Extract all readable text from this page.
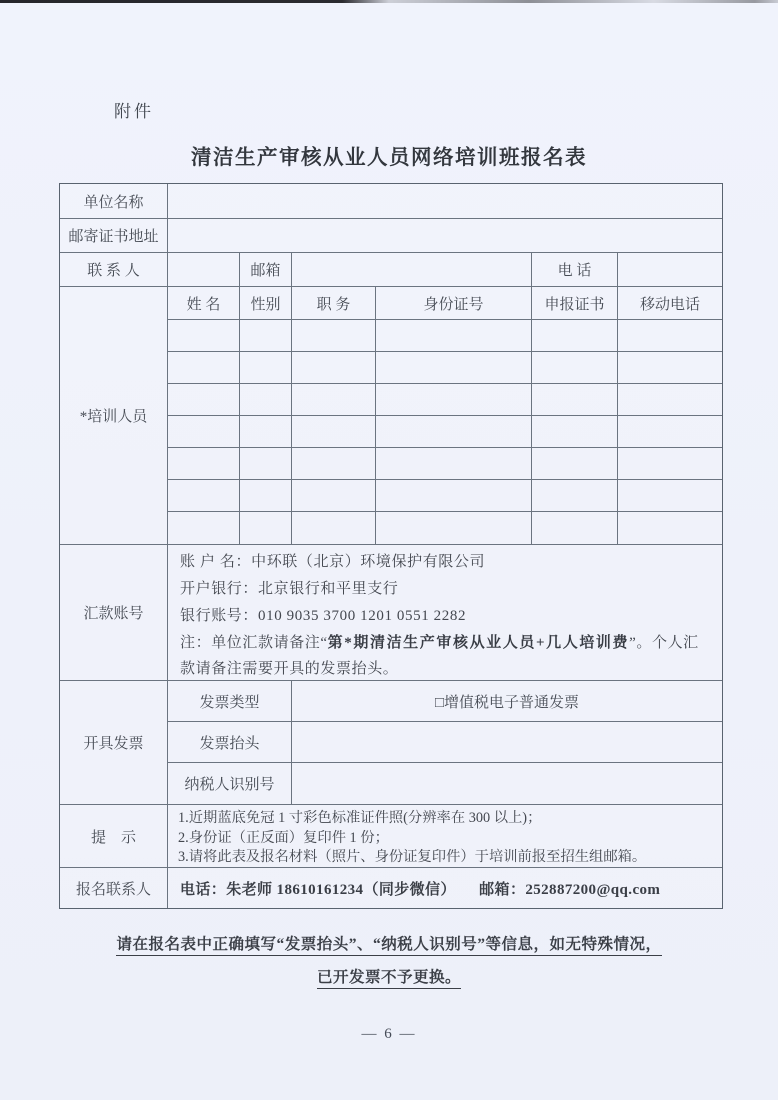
附件
清洁生产审核从业人员网络培训班报名表
单位名称
邮寄证书地址
联 系 人	邮箱	电 话
*培训人员
姓 名	性别	职 务	身份证号	申报证书	移动电话
汇款账号
账 户 名：中环联（北京）环境保护有限公司
开户银行：北京银行和平里支行
银行账号：010 9035 3700 1201 0551 2282
注：单位汇款请备注“第*期清洁生产审核从业人员+几人培训费”。个人汇款请备注需要开具的发票抬头。
开具发票
发票类型	□增值税电子普通发票
发票抬头
纳税人识别号
提　示
1.近期蓝底免冠 1 寸彩色标准证件照(分辨率在 300 以上)；
2.身份证（正反面）复印件 1 份；
3.请将此表及报名材料（照片、身份证复印件）于培训前报至招生组邮箱。
报名联系人	电话：朱老师 18610161234（同步微信）　　邮箱：252887200@qq.com
请在报名表中正确填写“发票抬头”、“纳税人识别号”等信息，如无特殊情况，
已开发票不予更换。
— 6 —
